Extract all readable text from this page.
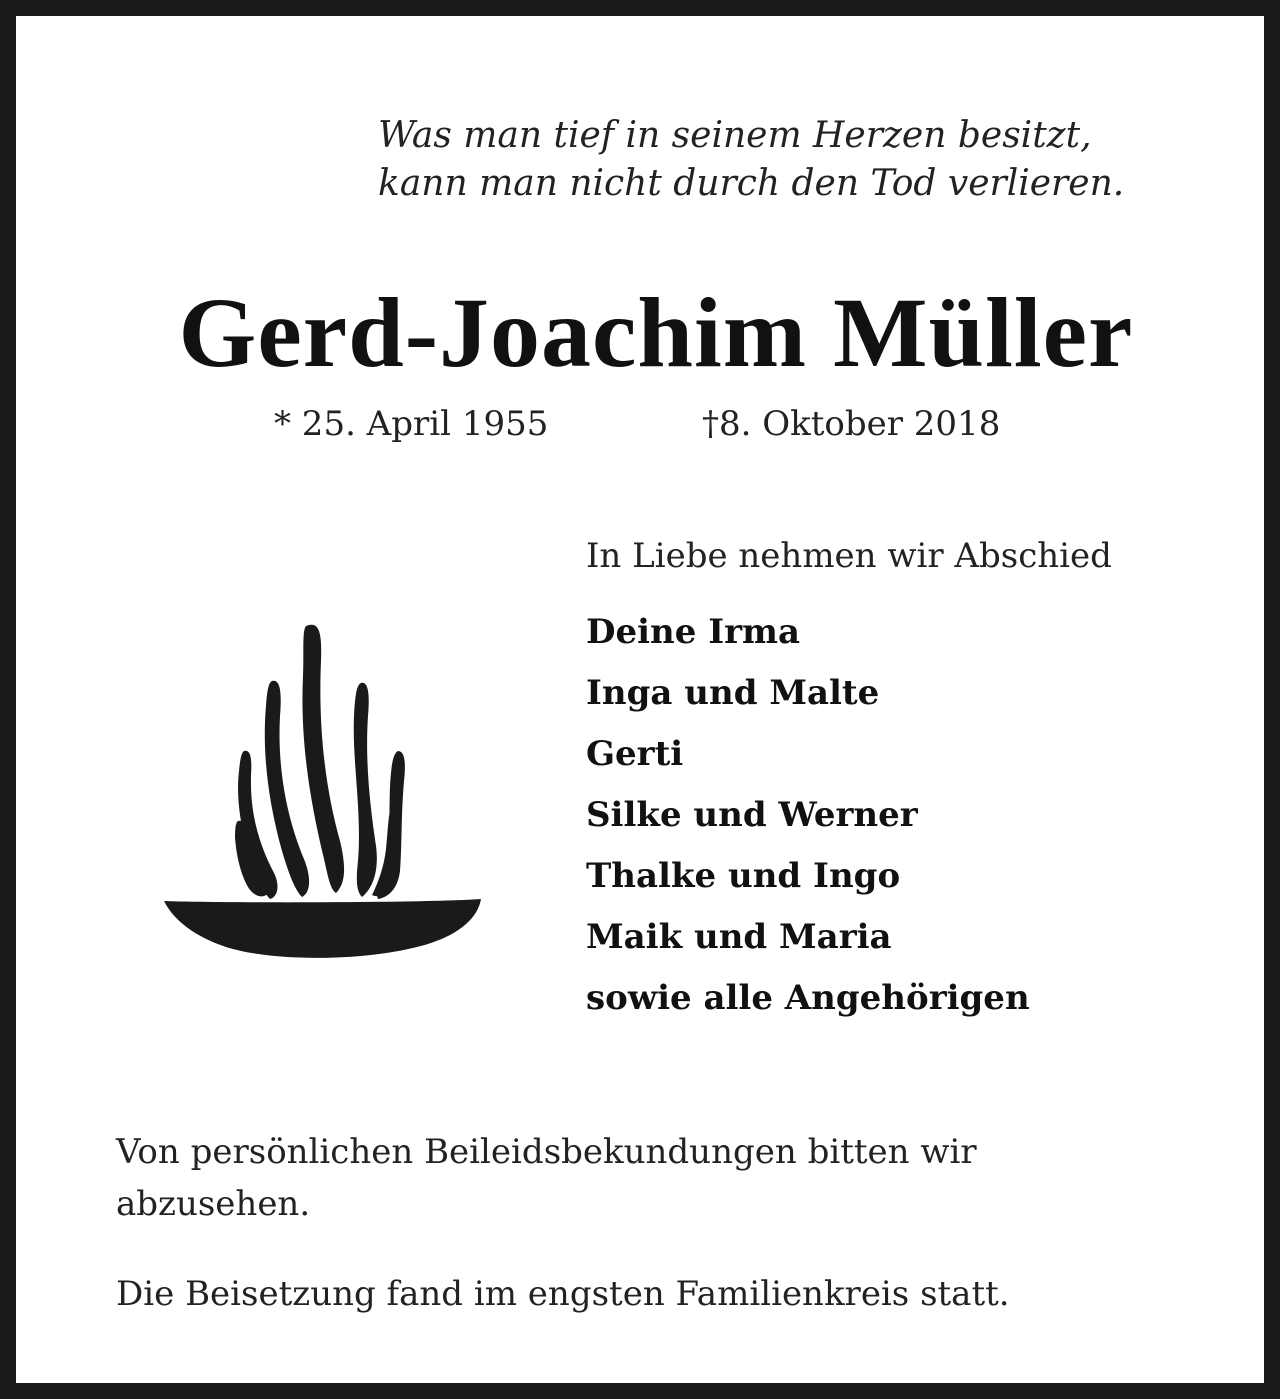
Was man tief in seinem Herzen besitzt,
kann man nicht durch den Tod verlieren.
Gerd-Joachim Müller
* 25. April 1955	†8. Oktober 2018
In Liebe nehmen wir Abschied
Deine Irma
Inga und Malte
Gerti
Silke und Werner
Thalke und Ingo
Maik und Maria
sowie alle Angehörigen
Von persönlichen Beileidsbekundungen bitten wir abzusehen.
Die Beisetzung fand im engsten Familienkreis statt.
